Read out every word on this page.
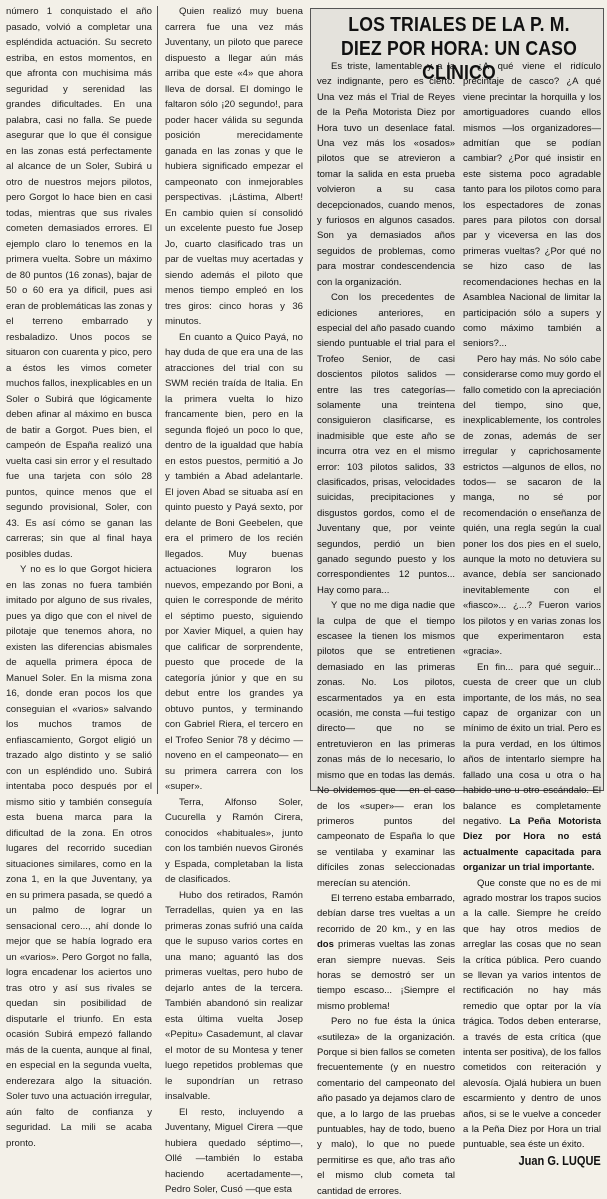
número 1 conquistado el año pasado, volvió a completar una espléndida actuación. Su secreto estriba, en estos momentos, en que afronta con muchisima más seguridad y serenidad las grandes dificultades. En una palabra, casi no falla. Se puede asegurar que lo que él consigue en las zonas está perfectamente al alcance de un Soler, Subirá u otro de nuestros mejors pilotos, pero Gorgot lo hace bien en casi todas, mientras que sus rivales cometen demasiados errores. El ejemplo claro lo tenemos en la primera vuelta. Sobre un máximo de 80 puntos (16 zonas), bajar de 50 o 60 era ya dificil, pues asi eran de problemáticas las zonas y el terreno embarrado y resbaladizo. Unos pocos se situaron con cuarenta y pico, pero a éstos les vimos cometer muchos fallos, inexplicables en un Soler o Subirá que lógicamente deben afinar al máximo en busca de batir a Gorgot. Pues bien, el campeón de España realizó una vuelta casi sin error y el resultado fue una tarjeta con sólo 28 puntos, quince menos que el segundo provisional, Soler, con 43. Es así cómo se ganan las carreras; sin que al final haya posibles dudas.

Y no es lo que Gorgot hiciera en las zonas no fuera también imitado por alguno de sus rivales, pues ya digo que con el nivel de pilotaje que tenemos ahora, no existen las diferencias abismales de aquella primera época de Manuel Soler. En la misma zona 16, donde eran pocos los que conseguian el «varios» salvando los muchos tramos de enfiascamiento, Gorgot eligió un trazado algo distinto y se salió con un espléndido uno. Subirá intentaba poco después por el mismo sitio y también conseguía esta buena marca para la dificultad de la zona. En otros lugares del recorrido sucedian situaciones similares, como en la zona 1, en la que Juventany, ya en su primera pasada, se quedó a un palmo de lograr un sensacional cero..., ahí donde lo mejor que se había logrado era un «varios». Pero Gorgot no falla, logra encadenar los aciertos uno tras otro y así sus rivales se quedan sin posibilidad de disputarle el triunfo. En esta ocasión Subirá empezó fallando más de la cuenta, aunque al final, en especial en la segunda vuelta, enderezara algo la situación. Soler tuvo una actuación irregular, aún falto de confianza y seguridad. La mili se acaba pronto.

Quien realizó muy buena carrera fue una vez más Juventany, un piloto que parece dispuesto a llegar aún más arriba que este «4» que ahora lleva de dorsal. El domingo le faltaron sólo ¡20 segundo!, para poder hacer válida su segunda posición merecidamente ganada en las zonas y que le hubiera significado empezar el campeonato con inmejorables perspectivas. ¡Lástima, Albert! En cambio quien sí consolidó un excelente puesto fue Josep Jo, cuarto clasificado tras un par de vueltas muy acertadas y siendo además el piloto que menos tiempo empleó en los tres giros: cinco horas y 36 minutos.

En cuanto a Quico Payá, no hay duda de que era una de las atracciones del trial con su SWM recién traída de Italia. En la primera vuelta lo hizo francamente bien, pero en la segunda flojeó un poco lo que, dentro de la igualdad que había en estos puestos, permitió a Jo y también a Abad adelantarle. El joven Abad se situaba así en quinto puesto y Payá sexto, por delante de Boni Geebelen, que era el primero de los recién llegados. Muy buenas actuaciones lograron los nuevos, empezando por Boni, a quien le corresponde de mérito el séptimo puesto, siguiendo por Xavier Miquel, a quien hay que calificar de sorprendente, puesto que procede de la categoría júnior y que en su debut entre los grandes ya obtuvo puntos, y terminando con Gabriel Riera, el tercero en el Trofeo Senior 78 y décimo —noveno en el campeonato— en su primera carrera con los «super».

Terra, Alfonso Soler, Cucurella y Ramón Cirera, conocidos «habituales», junto con los también nuevos Gironés y Espada, completaban la lista de clasificados.

Hubo dos retirados, Ramón Terradellas, quien ya en las primeras zonas sufrió una caída que le supuso varios cortes en una mano; aguantó las dos primeras vueltas, pero hubo de dejarlo antes de la tercera. También abandonó sin realizar esta última vuelta Josep «Pepitu» Casademunt, al clavar el motor de su Montesa y tener luego repetidos problemas que le supondrían un retraso insalvable.

El resto, incluyendo a Juventany, Miguel Cirera —que hubiera quedado séptimo—, Ollé —también lo estaba haciendo acertadamente—, Pedro Soler, Cusó —que esta

LOS TRIALES DE LA P. M. DIEZ POR HORA: UN CASO CLINICO

Es triste, lamentable y a la vez indignante, pero es cierto. Una vez más el Trial de Reyes de la Peña Motorista Diez por Hora tuvo un desenlace fatal. Una vez más los «osados» pilotos que se atrevieron a tomar la salida en esta prueba volvieron a su casa decepcionados, cuando menos, y furiosos en algunos casados. Son ya demasiados años seguidos de problemas, como para mostrar condescendencia con la organización.

Con los precedentes de ediciones anteriores, en especial del año pasado cuando siendo puntuable el trial para el Trofeo Senior, de casi doscientos pilotos salidos —entre las tres categorías— solamente una treintena consiguieron clasificarse, es inadmisible que este año se incurra otra vez en el mismo error: 103 pilotos salidos, 33 clasificados, prisas, velocidades suicidas, precipitaciones y disgustos gordos, como el de Juventany que, por veinte segundos, perdió un bien ganado segundo puesto y los correspondientes 12 puntos... Hay como para...

Y que no me diga nadie que la culpa de que el tiempo escasee la tienen los mismos pilotos que se entretienen demasiado en las primeras zonas. No. Los pilotos, escarmentados ya en esta ocasión, me consta —fui testigo directo— que no se entretuvieron en las primeras zonas más de lo necesario, lo mismo que en todas las demás. No olvidemos que —en el caso de los «super»— eran los primeros puntos del campeonato de España lo que se ventilaba y examinar las difíciles zonas seleccionadas merecían su atención.

El terreno estaba embarrado, debían darse tres vueltas a un recorrido de 20 km., y en las dos primeras vueltas las zonas eran siempre nuevas. Seis horas se demostró ser un tiempo escaso... ¡Siempre el mismo problema!

Pero no fue ésta la única «sutileza» de la organización. Porque si bien fallos se cometen frecuentemente (y en nuestro comentario del campeonato del año pasado ya dejamos claro de que, a lo largo de las pruebas puntuables, hay de todo, bueno y malo), lo que no puede permitirse es que, año tras año el mismo club cometa tal cantidad de errores.

¿A qué viene el ridículo precintaje de casco? ¿A qué viene precintar la horquilla y los amortiguadores cuando ellos mismos —los organizadores— admitían que se podían cambiar? ¿Por qué insistir en este sistema poco agradable tanto para los pilotos como para los espectadores de zonas pares para pilotos con dorsal par y viceversa en las dos primeras vueltas? ¿Por qué no se hizo caso de las recomendaciones hechas en la Asamblea Nacional de limitar la participación sólo a supers y como máximo también a seniors?...

Pero hay más. No sólo cabe considerarse como muy gordo el fallo cometido con la apreciación del tiempo, sino que, inexplicablemente, los controles de zonas, además de ser irregular y caprichosamente estrictos —algunos de ellos, no todos— se sacaron de la manga, no sé por recomendación o enseñanza de quién, una regla según la cual poner los dos pies en el suelo, aunque la moto no detuviera su avance, debía ser sancionado inevitablemente con el «fiasco»... ¿...? Fueron varios los pilotos y en varias zonas los que experimentaron esta «gracia».

En fin... para qué seguir... cuesta de creer que un club importante, de los más, no sea capaz de organizar con un mínimo de éxito un trial. Pero es la pura verdad, en los últimos años de intentarlo siempre ha fallado una cosa u otra o ha habido uno u otro escándalo. El balance es completamente negativo. La Peña Motorista Diez por Hora no está actualmente capacitada para organizar un trial importante.

Que conste que no es de mi agrado mostrar los trapos sucios a la calle. Siempre he creído que hay otros medios de arreglar las cosas que no sean la crítica pública. Pero cuando se llevan ya varios intentos de rectificación no hay más remedio que optar por la vía trágica. Todos deben enterarse, a través de esta crítica (que intenta ser positiva), de los fallos cometidos con reiteración y alevosía. Ojalá hubiera un buen escarmiento y dentro de unos años, si se le vuelve a conceder a la Peña Diez por Hora un trial puntuable, sea éste un éxito.
Juan G. LUQUE
